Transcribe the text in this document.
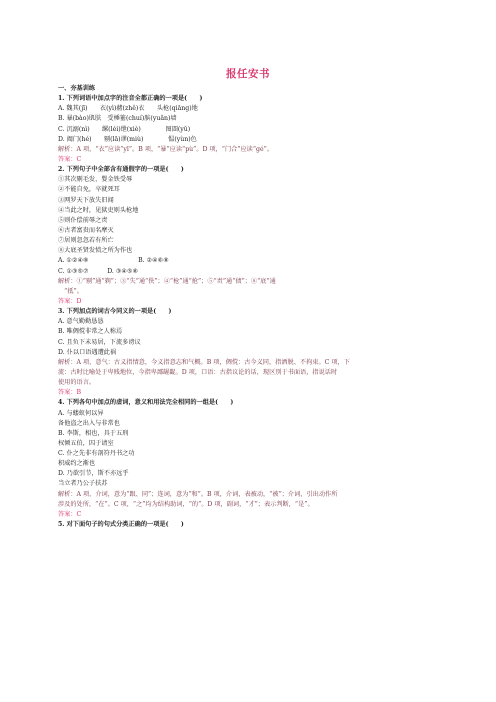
报任安书
一、夯基训练
1. 下列词语中加点字的注音全都正确的一项是(　　)
A. 魏其(jī)　　衣(yì)赭(zhě)衣　　头枪(qiāng)地
B. 暴(bào)肌肤　受棰箠(chuí)膑(yuǎn)墙
C. 沉溺(nì)　　缧(léi)绁(xiè)　　　　图圄(yǔ)
D. 阖门(hé)　　剔(lā)谬(miù)　　　　愠(yùn)色
解析：A 项，“衣”应读“yī”。B 项，“暴”应读“pù”。D 项，“门合”应读“gé”。
答案：C
2. 下列句子中全部含有通假字的一项是(　　)
①其次剔毛发、婴金铁受辱
②不能自免，卒就死耳
③网罗天下放失旧闻
④当此之时，见狱吏则头枪地
⑤则仆偿前辱之责
⑥古者富贵而名摩灭
⑦居则忽忽若有所亡
⑧大底圣贤发愤之所为作也
A. ①②④⑧　　　　　　　　B. ②④⑥⑧
C. ①③⑤⑦　　　D. ③④⑤⑧
解析：①“剔”通“剃”；③“失”通“佚”；④“枪”通“抢”；⑤“责”通“债”；⑧“底”通
　“抵”。
答案：D
3. 下列加点的词古今同义的一项是(　　)
A. 意气勤勤恳恳
B. 唯倜傥非常之人称焉
C. 且负下未易居，下流多谤议
D. 仆以口语遇遭此祸
解析：A 项，意气：古义指情意，今义指意志和气概。B 项，倜傥：古今义同，指洒脱、不拘束。C 项，下
流：古时比喻处于卑贱地位，今指卑鄙龌龊。D 项，口语：古指议论的话，现区别于书面语，指说话时
使用的语言。
答案：B
4. 下列各句中加点的虚词，意义和用法完全相同的一组是(　　)
A. 与蝼蚁何以异
备他盗之出入与非常也
B. 李斯，相也，具于五刑
权倾五伯，囚于请室
C. 仆之先非有剖符丹书之功
积威约之渐也
D. 乃欲引节，斯不亦远乎
当立者乃公子扶苏
解析：A 项，介词，意为“跟、同”；连词，意为“和”。B 项，介词，表被动，“被”；介词，引出动作所
涉及的处所，“在”。C 项，“之”均为结构助词，“的”。D 项，副词，“才”；表示判断，“是”。
答案：C
5. 对下面句子的句式分类正确的一项是(　　)
